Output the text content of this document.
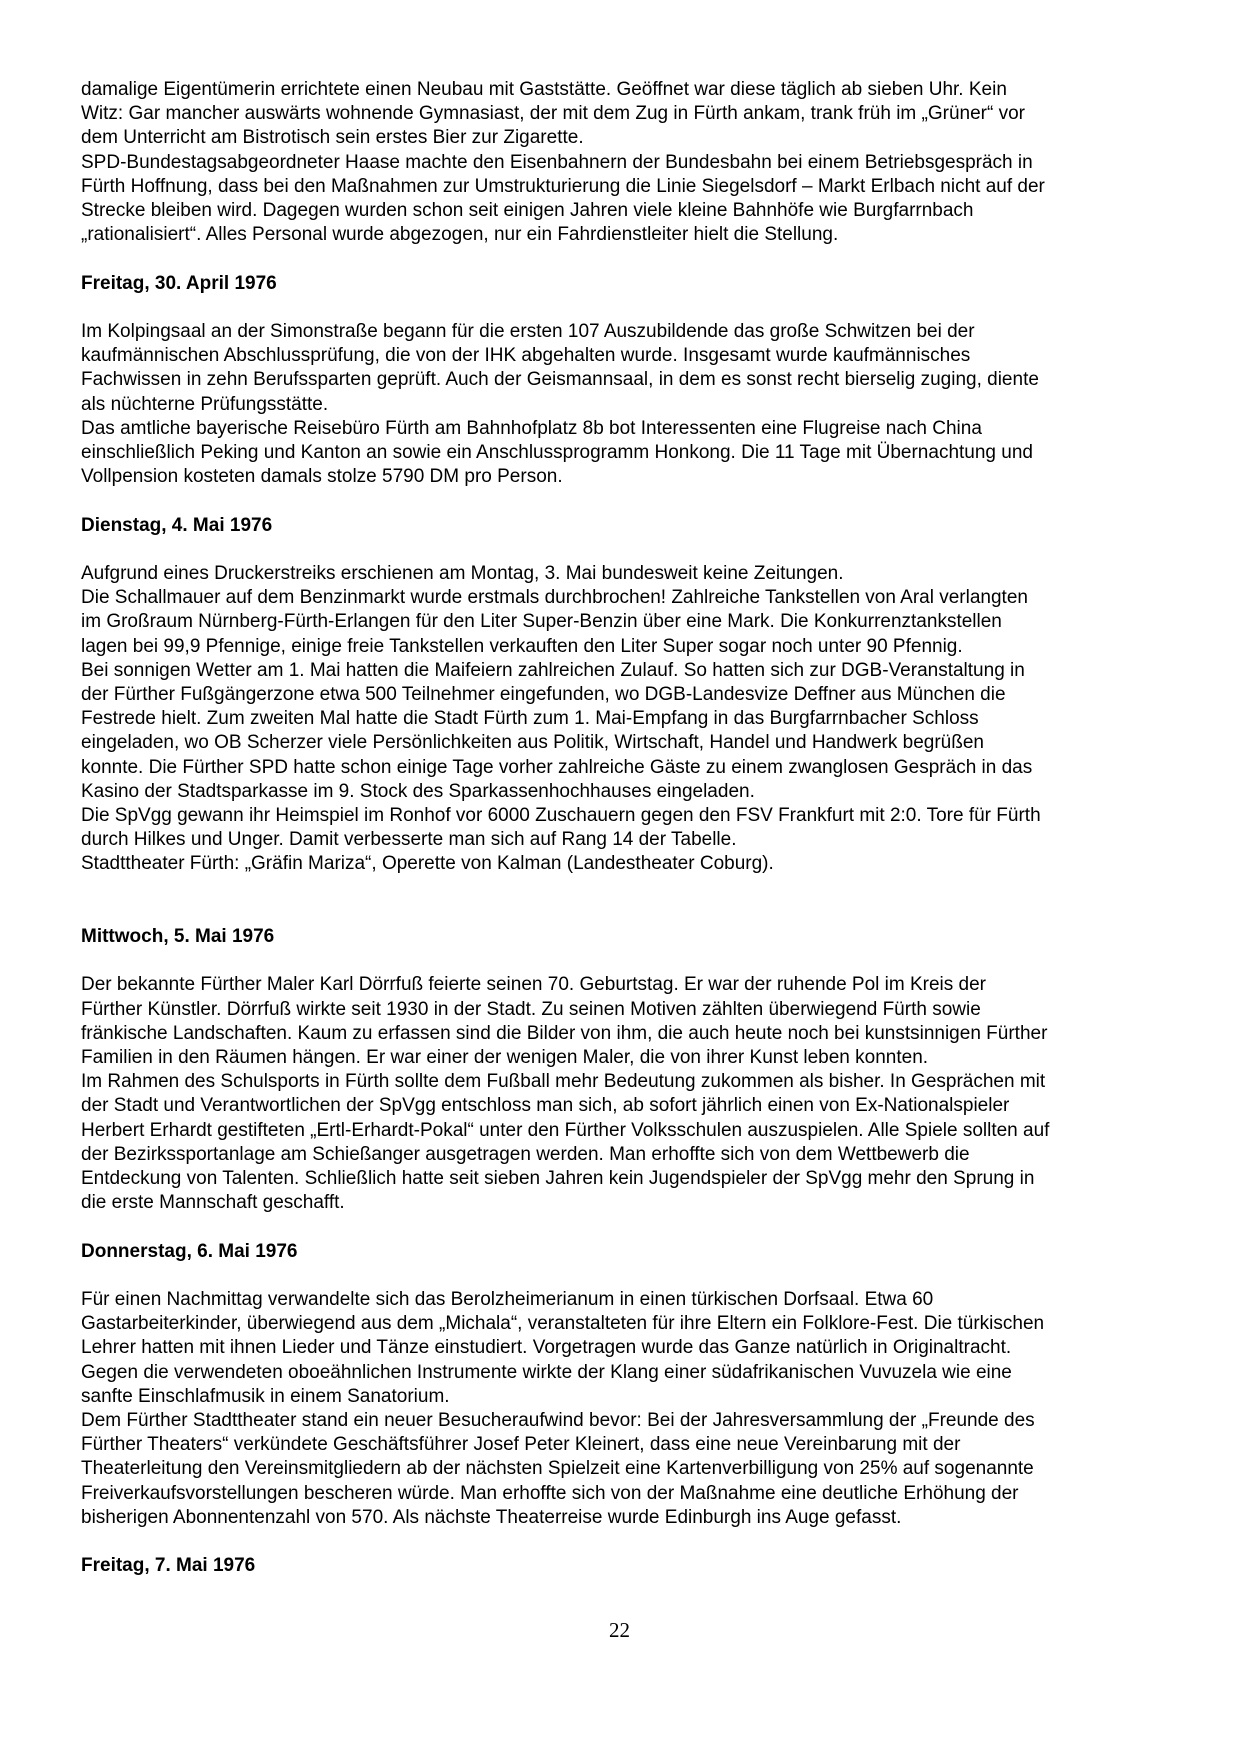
damalige Eigentümerin errichtete einen Neubau mit Gaststätte. Geöffnet war diese täglich ab sieben Uhr. Kein
Witz: Gar mancher auswärts wohnende Gymnasiast, der mit dem Zug in Fürth ankam, trank früh im „Grüner“ vor
dem Unterricht am Bistrotisch sein erstes Bier zur Zigarette.
SPD-Bundestagsabgeordneter Haase machte den Eisenbahnern der Bundesbahn bei einem Betriebsgespräch in
Fürth Hoffnung, dass bei den Maßnahmen zur Umstrukturierung die Linie Siegelsdorf – Markt Erlbach nicht auf der
Strecke bleiben wird. Dagegen wurden schon seit einigen Jahren viele kleine Bahnhöfe wie Burgfarrnbach
„rationalisiert“. Alles Personal wurde abgezogen, nur ein Fahrdienstleiter hielt die Stellung.
Freitag, 30. April 1976
Im Kolpingsaal an der Simonstraße begann für die ersten 107 Auszubildende das große Schwitzen bei der
kaufmännischen Abschlussprüfung, die von der IHK abgehalten wurde. Insgesamt wurde kaufmännisches
Fachwissen in zehn Berufssparten geprüft. Auch der Geismannsaal, in dem es sonst recht bierselig zuging, diente
als nüchterne Prüfungsstätte.
Das amtliche bayerische Reisebüro Fürth am Bahnhofplatz 8b bot Interessenten eine Flugreise nach China
einschließlich Peking und Kanton an sowie ein Anschlussprogramm Honkong. Die 11 Tage mit Übernachtung und
Vollpension kosteten damals stolze 5790 DM pro Person.
Dienstag, 4. Mai 1976
Aufgrund eines Druckerstreiks erschienen am Montag, 3. Mai bundesweit keine Zeitungen.
Die Schallmauer auf dem Benzinmarkt wurde erstmals durchbrochen! Zahlreiche Tankstellen von Aral verlangten
im Großraum Nürnberg-Fürth-Erlangen für den Liter Super-Benzin über eine Mark. Die Konkurrenztankstellen
lagen bei 99,9 Pfennige, einige freie Tankstellen verkauften den Liter Super sogar noch unter 90 Pfennig.
Bei sonnigen Wetter am 1. Mai hatten die Maifeiern zahlreichen Zulauf. So hatten sich zur DGB-Veranstaltung in
der Fürther Fußgängerzone etwa 500 Teilnehmer eingefunden, wo DGB-Landesvize Deffner aus München die
Festrede hielt. Zum zweiten Mal hatte die Stadt Fürth zum 1. Mai-Empfang in das Burgfarrnbacher Schloss
eingeladen, wo OB Scherzer viele Persönlichkeiten aus Politik, Wirtschaft, Handel und Handwerk begrüßen
konnte. Die Fürther SPD hatte schon einige Tage vorher zahlreiche Gäste zu einem zwanglosen Gespräch in das
Kasino der Stadtsparkasse im 9. Stock des Sparkassenhochhauses eingeladen.
Die SpVgg gewann ihr Heimspiel im Ronhof vor 6000 Zuschauern gegen den FSV Frankfurt mit 2:0. Tore für Fürth
durch Hilkes und Unger. Damit verbesserte man sich auf Rang 14 der Tabelle.
Stadttheater Fürth: „Gräfin Mariza“, Operette von Kalman (Landestheater Coburg).
Mittwoch, 5. Mai 1976
Der bekannte Fürther Maler Karl Dörrfuß feierte seinen 70. Geburtstag. Er war der ruhende Pol im Kreis der
Fürther Künstler. Dörrfuß wirkte seit 1930 in der Stadt. Zu seinen Motiven zählten überwiegend Fürth sowie
fränkische Landschaften. Kaum zu erfassen sind die Bilder von ihm, die auch heute noch bei kunstsinnigen Fürther
Familien in den Räumen hängen. Er war einer der wenigen Maler, die von ihrer Kunst leben konnten.
Im Rahmen des Schulsports in Fürth sollte dem Fußball mehr Bedeutung zukommen als bisher. In Gesprächen mit
der Stadt und Verantwortlichen der SpVgg entschloss man sich, ab sofort jährlich einen von Ex-Nationalspieler
Herbert Erhardt gestifteten „Ertl-Erhardt-Pokal“ unter den Fürther Volksschulen auszuspielen. Alle Spiele sollten auf
der Bezirkssportanlage am Schießanger ausgetragen werden. Man erhoffte sich von dem Wettbewerb die
Entdeckung von Talenten. Schließlich hatte seit sieben Jahren kein Jugendspieler der SpVgg mehr den Sprung in
die erste Mannschaft geschafft.
Donnerstag, 6. Mai 1976
Für einen Nachmittag verwandelte sich das Berolzheimerianum in einen türkischen Dorfsaal. Etwa 60
Gastarbeiterkinder, überwiegend aus dem „Michala“, veranstalteten für ihre Eltern ein Folklore-Fest. Die türkischen
Lehrer hatten mit ihnen Lieder und Tänze einstudiert. Vorgetragen wurde das Ganze natürlich in Originaltracht.
Gegen die verwendeten oboeähnlichen Instrumente wirkte der Klang einer südafrikanischen Vuvuzela wie eine
sanfte Einschlafmusik in einem Sanatorium.
Dem Fürther Stadttheater stand ein neuer Besucheraufwind bevor: Bei der Jahresversammlung der „Freunde des
Fürther Theaters“ verkündete Geschäftsführer Josef Peter Kleinert, dass eine neue Vereinbarung mit der
Theaterleitung den Vereinsmitgliedern ab der nächsten Spielzeit eine Kartenverbilligung von 25% auf sogenannte
Freiverkaufsvorstellungen bescheren würde. Man erhoffte sich von der Maßnahme eine deutliche Erhöhung der
bisherigen Abonnentenzahl von 570. Als nächste Theaterreise wurde Edinburgh ins Auge gefasst.
Freitag, 7. Mai 1976
22
